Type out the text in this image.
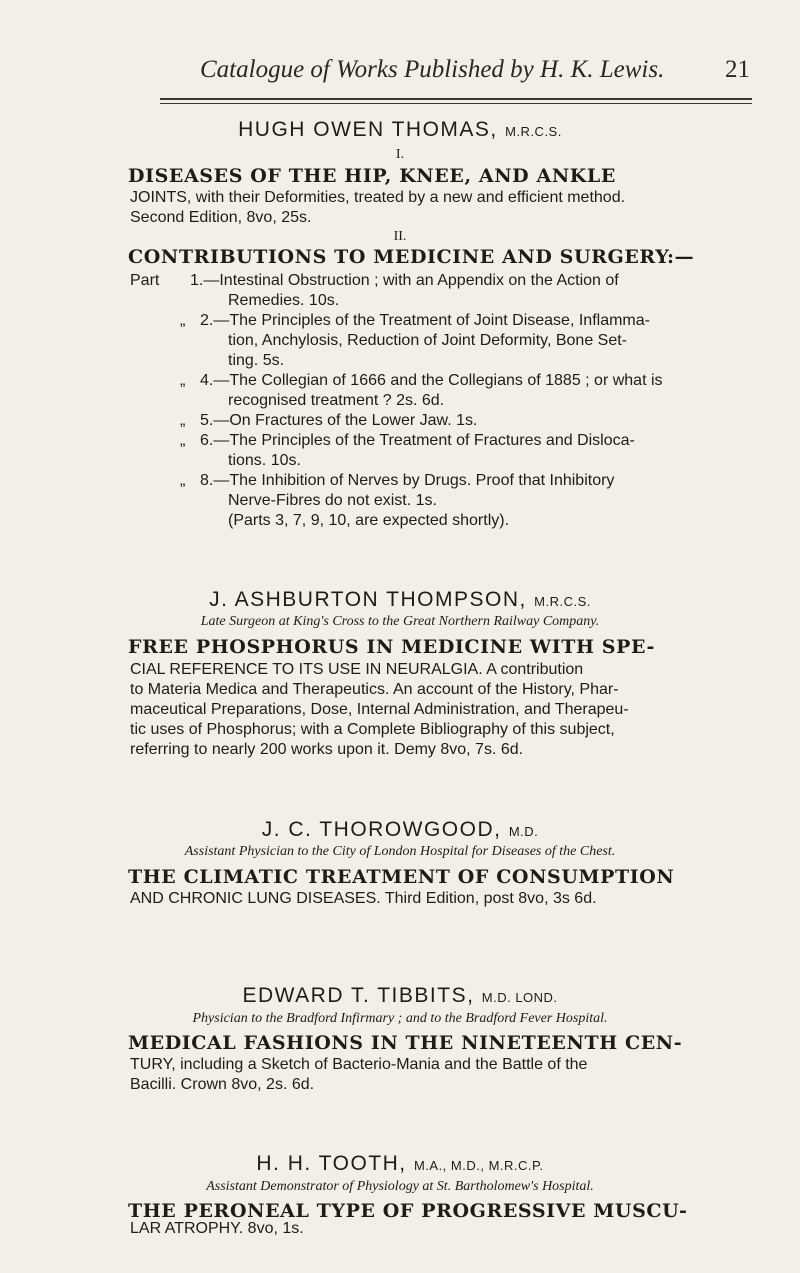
Catalogue of Works Published by H. K. Lewis. 21
HUGH OWEN THOMAS, M.R.C.S.
I.
DISEASES OF THE HIP, KNEE, AND ANKLE
JOINTS, with their Deformities, treated by a new and efficient method.
Second Edition, 8vo, 25s.
II.
CONTRIBUTIONS TO MEDICINE AND SURGERY:—
Part 1.—Intestinal Obstruction ; with an Appendix on the Action of
Remedies. 10s.
„ 2.—The Principles of the Treatment of Joint Disease, Inflamma-
tion, Anchylosis, Reduction of Joint Deformity, Bone Set-
ting. 5s.
„ 4.—The Collegian of 1666 and the Collegians of 1885 ; or what is
recognised treatment ? 2s. 6d.
„ 5.—On Fractures of the Lower Jaw. 1s.
„ 6.—The Principles of the Treatment of Fractures and Disloca-
tions. 10s.
„ 8.—The Inhibition of Nerves by Drugs. Proof that Inhibitory
Nerve-Fibres do not exist. 1s.
(Parts 3, 7, 9, 10, are expected shortly).
J. ASHBURTON THOMPSON, M.R.C.S.
Late Surgeon at King's Cross to the Great Northern Railway Company.
FREE PHOSPHORUS IN MEDICINE WITH SPE-
CIAL REFERENCE TO ITS USE IN NEURALGIA. A contribution
to Materia Medica and Therapeutics. An account of the History, Phar-
maceutical Preparations, Dose, Internal Administration, and Therapeu-
tic uses of Phosphorus; with a Complete Bibliography of this subject,
referring to nearly 200 works upon it. Demy 8vo, 7s. 6d.
J. C. THOROWGOOD, M.D.
Assistant Physician to the City of London Hospital for Diseases of the Chest.
THE CLIMATIC TREATMENT OF CONSUMPTION
AND CHRONIC LUNG DISEASES. Third Edition, post 8vo, 3s 6d.
EDWARD T. TIBBITS, M.D. LOND.
Physician to the Bradford Infirmary ; and to the Bradford Fever Hospital.
MEDICAL FASHIONS IN THE NINETEENTH CEN-
TURY, including a Sketch of Bacterio-Mania and the Battle of the
Bacilli. Crown 8vo, 2s. 6d.
H. H. TOOTH, M.A., M.D., M.R.C.P.
Assistant Demonstrator of Physiology at St. Bartholomew's Hospital.
THE PERONEAL TYPE OF PROGRESSIVE MUSCU-
LAR ATROPHY. 8vo, 1s.
